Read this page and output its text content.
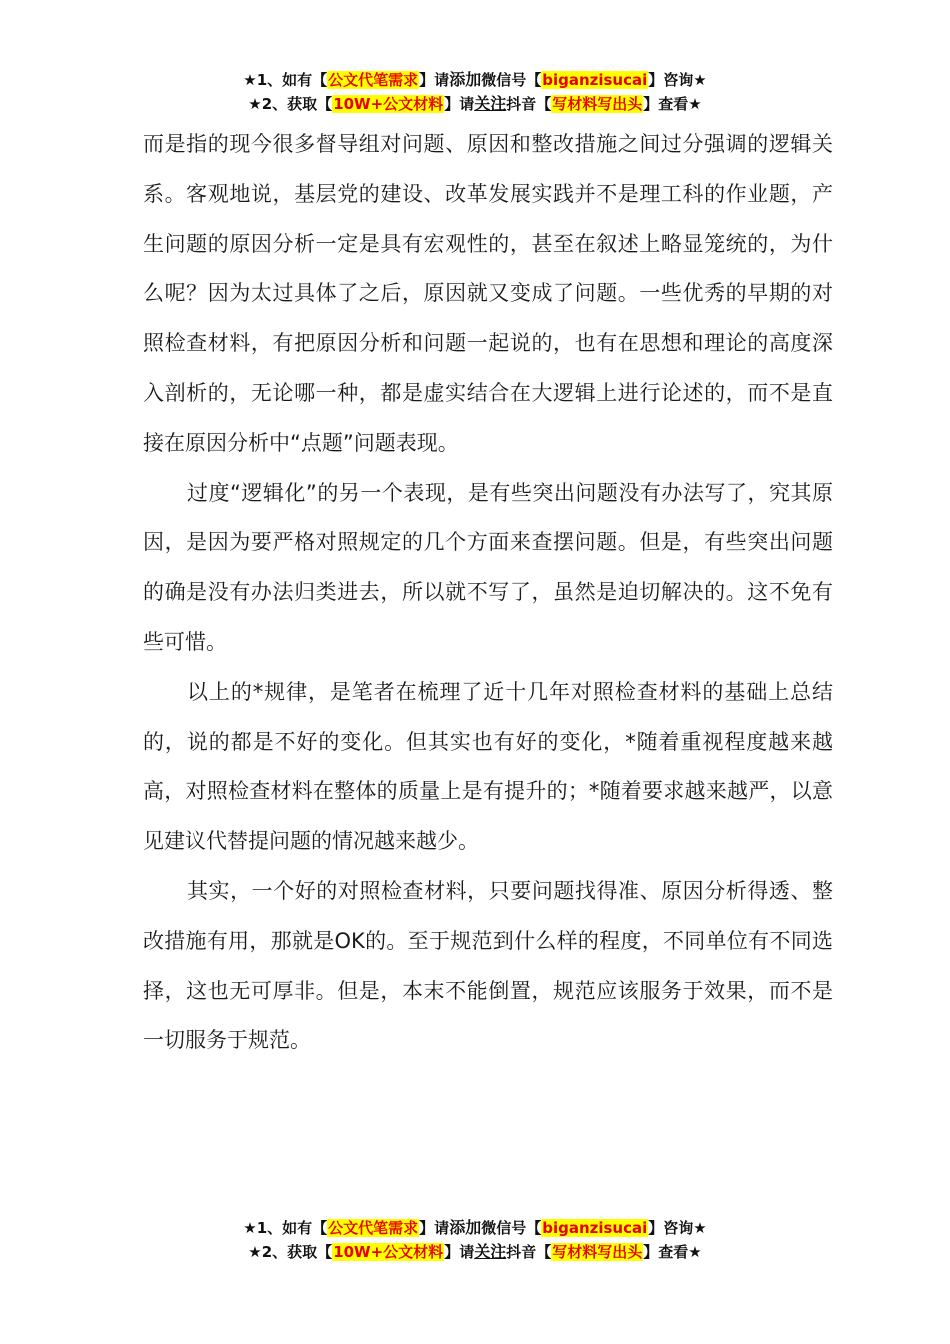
★1、如有【公文代笔需求】请添加微信号【biganzisucai】咨询★
★2、获取【10W+公文材料】请关注抖音【写材料写出头】查看★

而是指的现今很多督导组对问题、原因和整改措施之间过分强调的逻辑关系。客观地说，基层党的建设、改革发展实践并不是理工科的作业题，产生问题的原因分析一定是具有宏观性的，甚至在叙述上略显笼统的，为什么呢？因为太过具体了之后，原因就又变成了问题。一些优秀的早期的对照检查材料，有把原因分析和问题一起说的，也有在思想和理论的高度深入剖析的，无论哪一种，都是虚实结合在大逻辑上进行论述的，而不是直接在原因分析中“点题”问题表现。

过度“逻辑化”的另一个表现，是有些突出问题没有办法写了，究其原因，是因为要严格对照规定的几个方面来查摆问题。但是，有些突出问题的确是没有办法归类进去，所以就不写了，虽然是迫切解决的。这不免有些可惜。

以上的*规律，是笔者在梳理了近十几年对照检查材料的基础上总结的，说的都是不好的变化。但其实也有好的变化，*随着重视程度越来越高，对照检查材料在整体的质量上是有提升的；*随着要求越来越严，以意见建议代替提问题的情况越来越少。

其实，一个好的对照检查材料，只要问题找得准、原因分析得透、整改措施有用，那就是OK的。至于规范到什么样的程度，不同单位有不同选择，这也无可厚非。但是，本末不能倒置，规范应该服务于效果，而不是一切服务于规范。

★1、如有【公文代笔需求】请添加微信号【biganzisucai】咨询★
★2、获取【10W+公文材料】请关注抖音【写材料写出头】查看★
